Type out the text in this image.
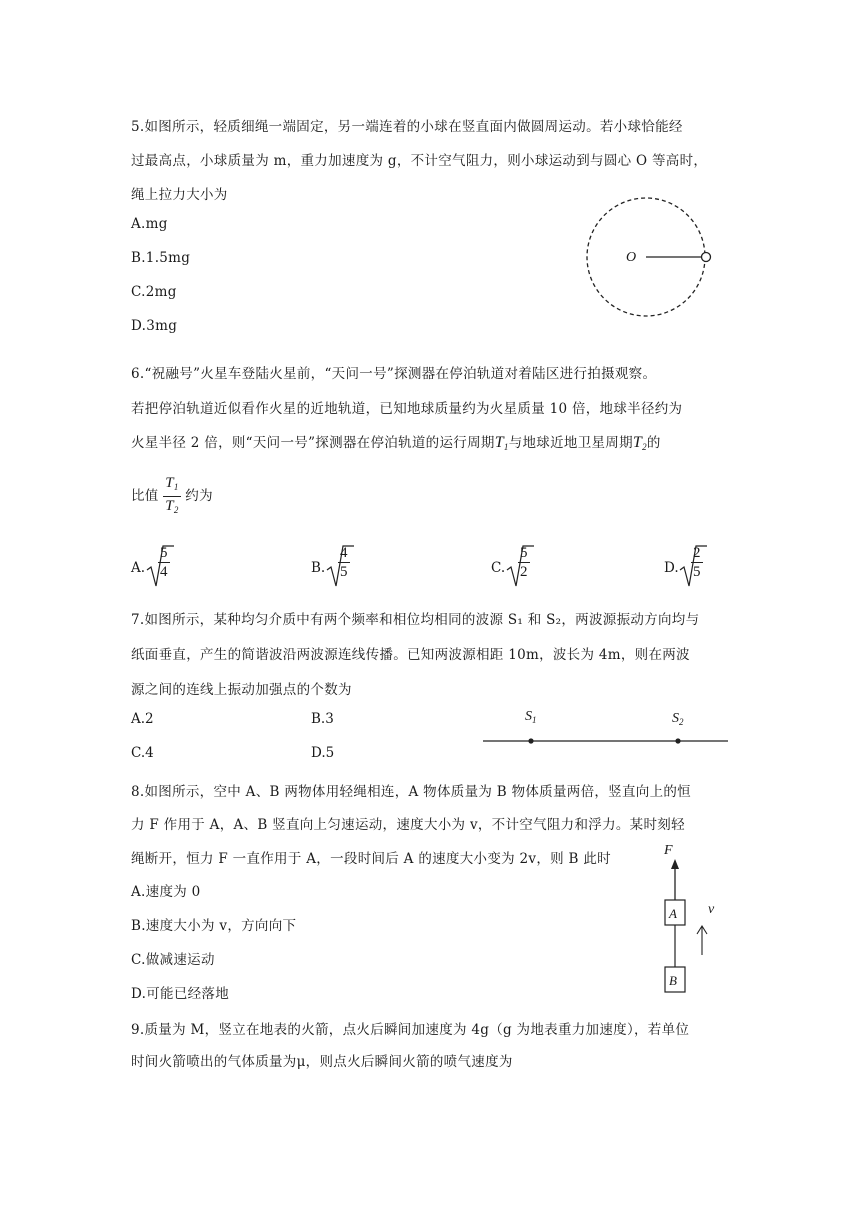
5.如图所示，轻质细绳一端固定，另一端连着的小球在竖直面内做圆周运动。若小球恰能经
过最高点，小球质量为 m，重力加速度为 g，不计空气阻力，则小球运动到与圆心 O 等高时，
绳上拉力大小为
A.mg
B.1.5mg
C.2mg
D.3mg
O
6.“祝融号”火星车登陆火星前，“天问一号”探测器在停泊轨道对着陆区进行拍摄观察。
若把停泊轨道近似看作火星的近地轨道，已知地球质量约为火星质量 10 倍，地球半径约为
火星半径 2 倍，则“天问一号”探测器在停泊轨道的运行周期$T_1$与地球近地卫星周期$T_2$的
比值 $\frac{T_1}{T_2}$ 约为
A.	B.	C.	D.
$\frac{5}{4}$	$\frac{4}{5}$	$\frac{5}{2}$	$\frac{2}{5}$
7.如图所示，某种均匀介质中有两个频率和相位均相同的波源 S₁ 和 S₂，两波源振动方向均与
纸面垂直，产生的简谐波沿两波源连线传播。已知两波源相距 10m，波长为 4m，则在两波
源之间的连线上振动加强点的个数为
A.2	B.3
C.4	D.5
$S_1$	$S_2$
8.如图所示，空中 A、B 两物体用轻绳相连，A 物体质量为 B 物体质量两倍，竖直向上的恒
力 F 作用于 A，A、B 竖直向上匀速运动，速度大小为 v，不计空气阻力和浮力。某时刻轻
绳断开，恒力 F 一直作用于 A，一段时间后 A 的速度大小变为 2v，则 B 此时
A.速度为 0
B.速度大小为 v，方向向下
C.做减速运动
D.可能已经落地
F
A
B
v
9.质量为 M，竖立在地表的火箭，点火后瞬间加速度为 4g（g 为地表重力加速度），若单位
时间火箭喷出的气体质量为μ，则点火后瞬间火箭的喷气速度为
